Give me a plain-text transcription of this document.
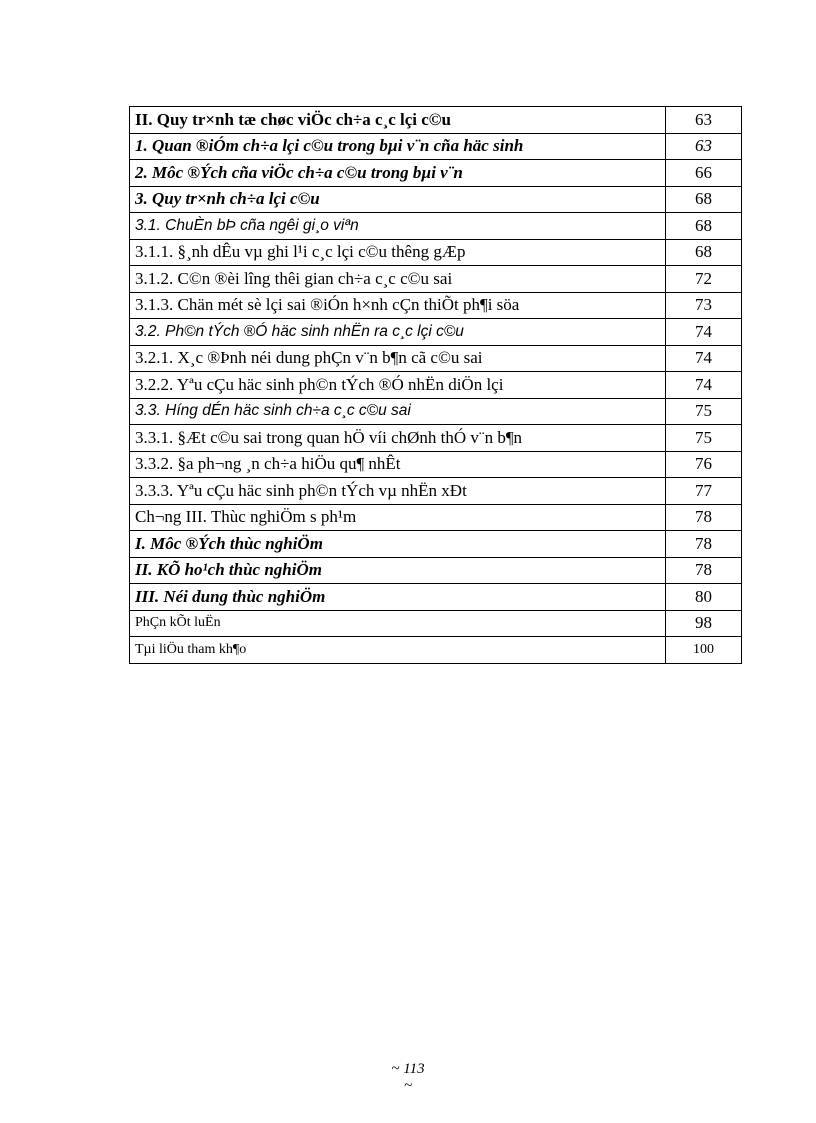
II. Quy tr×nh tæ chøc viÖc ch÷a c¸c lçi c©u	63
1. Quan ®iÓm ch÷a lçi c©u trong bµi v¨n cña häc sinh	63
2. Môc ®Ých cña viÖc ch÷a c©u trong bµi v¨n	66
3. Quy tr×nh ch÷a lçi c©u	68
3.1. ChuÈn bÞ cña ngêi gi¸o viªn	68
3.1.1. §¸nh dÊu vµ ghi l¹i c¸c lçi c©u thêng gÆp	68
3.1.2. C©n ®èi lîng thêi gian ch÷a c¸c c©u sai	72
3.1.3. Chän mét sè lçi sai ®iÓn h×nh cÇn thiÕt ph¶i söa	73
3.2. Ph©n tÝch ®Ó häc sinh nhËn ra c¸c lçi c©u	74
3.2.1. X¸c ®Þnh néi dung phÇn v¨n b¶n cã c©u sai	74
3.2.2. Yªu cÇu häc sinh ph©n tÝch ®Ó nhËn diÖn lçi	74
3.3. Híng dÉn häc sinh ch÷a c¸c c©u sai	75
3.3.1. §Æt c©u sai trong quan hÖ víi chØnh thÓ v¨n b¶n	75
3.3.2. §a ph¬ng ¸n ch÷a hiÖu qu¶ nhÊt	76
3.3.3. Yªu cÇu häc sinh ph©n tÝch vµ nhËn xÐt	77
Ch¬ng III. Thùc nghiÖm s ph¹m	78
I. Môc ®Ých thùc nghiÖm	78
II. KÕ ho¹ch thùc nghiÖm	78
III. Néi dung thùc nghiÖm	80
PhÇn kÕt luËn	98
Tµi liÖu tham kh¶o	100
~ 113
~
